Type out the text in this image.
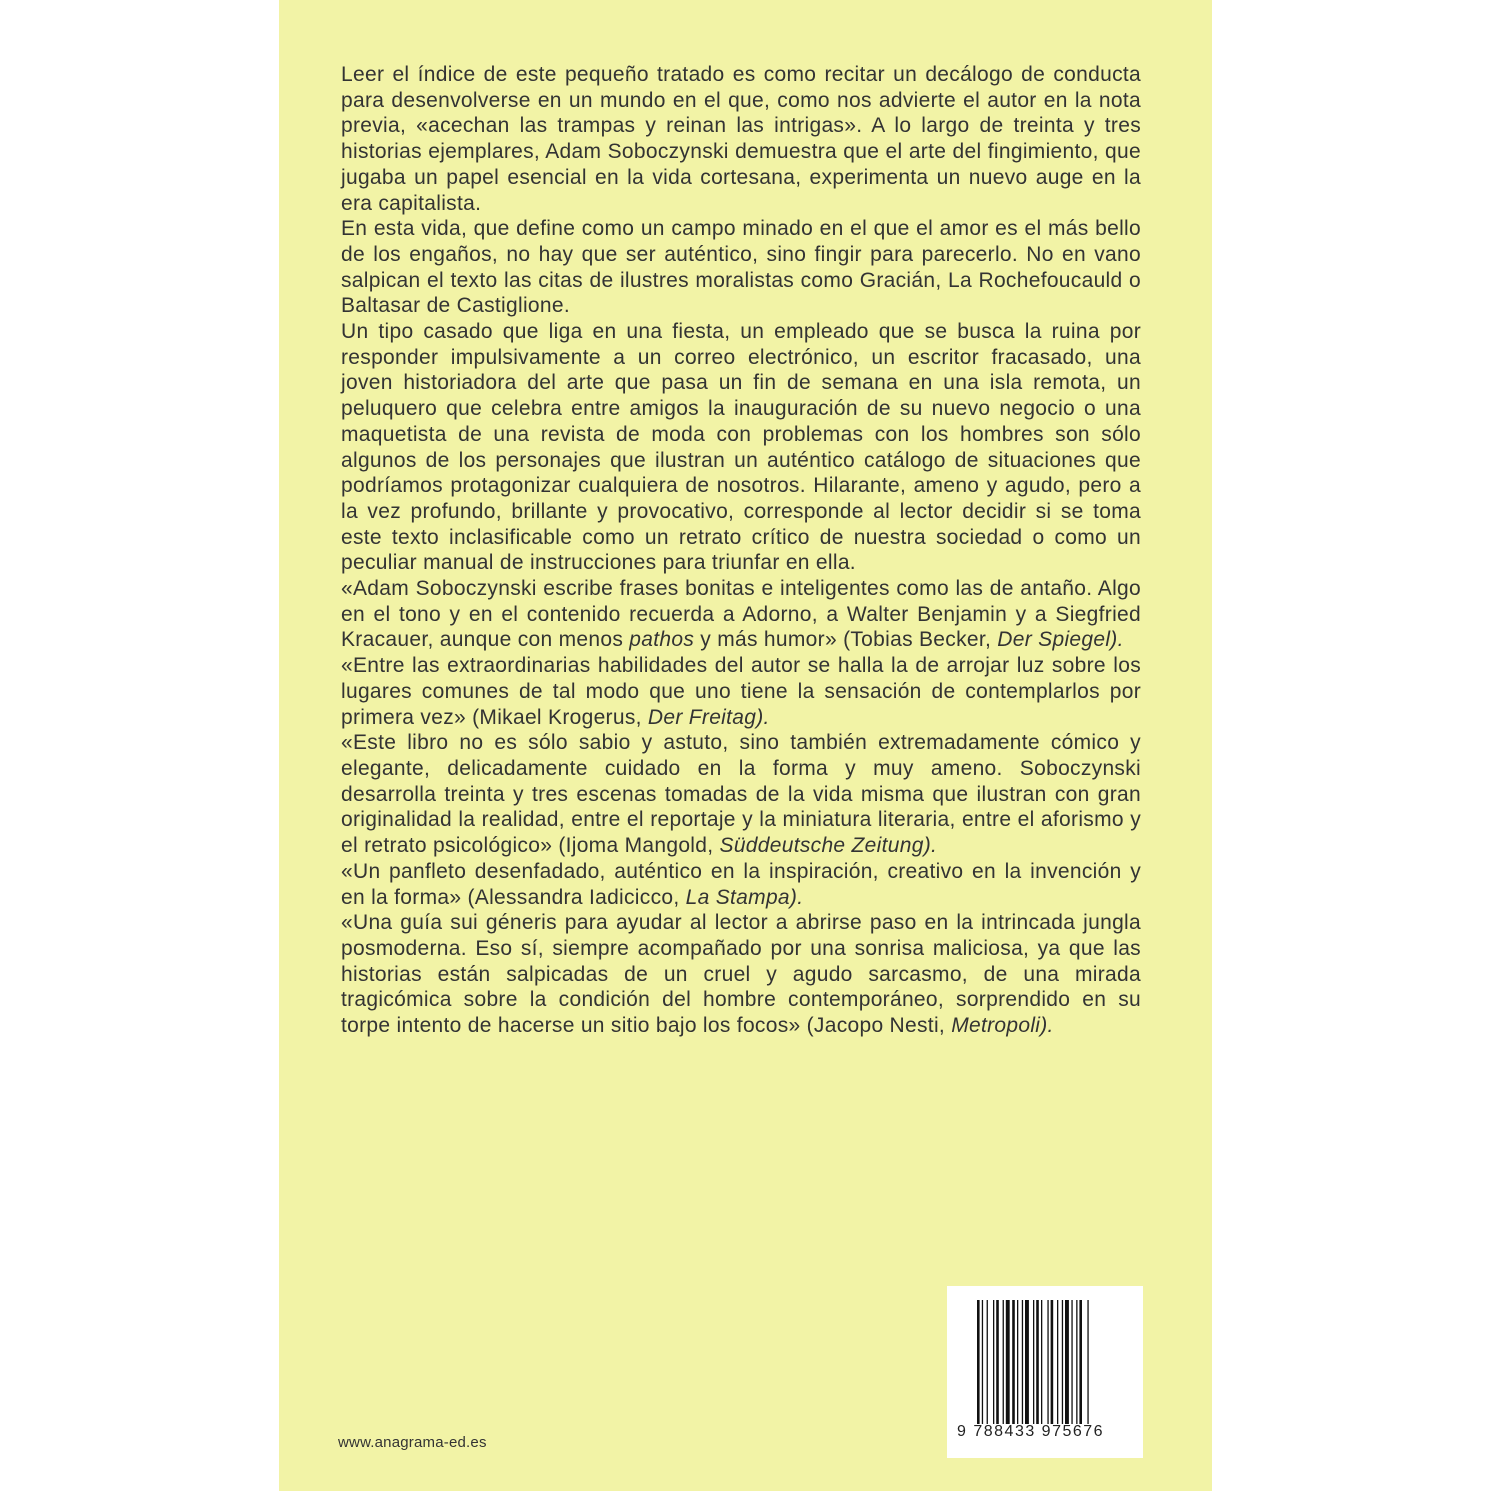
Leer el índice de este pequeño tratado es como recitar un decálogo de conducta para desenvolverse en un mundo en el que, como nos advierte el autor en la nota previa, «acechan las trampas y reinan las intrigas». A lo largo de treinta y tres historias ejemplares, Adam Soboczynski demuestra que el arte del fingimiento, que jugaba un papel esencial en la vida cortesana, experimenta un nuevo auge en la era capitalista.

En esta vida, que define como un campo minado en el que el amor es el más bello de los engaños, no hay que ser auténtico, sino fingir para parecerlo. No en vano salpican el texto las citas de ilustres moralistas como Gracián, La Rochefoucauld o Baltasar de Castiglione.

Un tipo casado que liga en una fiesta, un empleado que se busca la ruina por responder impulsivamente a un correo electrónico, un escritor fracasado, una joven historiadora del arte que pasa un fin de semana en una isla remota, un peluquero que celebra entre amigos la inauguración de su nuevo negocio o una maquetista de una revista de moda con problemas con los hombres son sólo algunos de los personajes que ilustran un auténtico catálogo de situaciones que podríamos protagonizar cualquiera de nosotros. Hilarante, ameno y agudo, pero a la vez profundo, brillante y provocativo, corresponde al lector decidir si se toma este texto inclasificable como un retrato crítico de nuestra sociedad o como un peculiar manual de instrucciones para triunfar en ella.

«Adam Soboczynski escribe frases bonitas e inteligentes como las de antaño. Algo en el tono y en el contenido recuerda a Adorno, a Walter Benjamin y a Siegfried Kracauer, aunque con menos pathos y más humor» (Tobias Becker, Der Spiegel).

«Entre las extraordinarias habilidades del autor se halla la de arrojar luz sobre los lugares comunes de tal modo que uno tiene la sensación de contemplarlos por primera vez» (Mikael Krogerus, Der Freitag).

«Este libro no es sólo sabio y astuto, sino también extremadamente cómico y elegante, delicadamente cuidado en la forma y muy ameno. Soboczynski desarrolla treinta y tres escenas tomadas de la vida misma que ilustran con gran originalidad la realidad, entre el reportaje y la miniatura literaria, entre el aforismo y el retrato psicológico» (Ijoma Mangold, Süddeutsche Zeitung).

«Un panfleto desenfadado, auténtico en la inspiración, creativo en la invención y en la forma» (Alessandra Iadicicco, La Stampa).

«Una guía sui géneris para ayudar al lector a abrirse paso en la intrincada jungla posmoderna. Eso sí, siempre acompañado por una sonrisa maliciosa, ya que las historias están salpicadas de un cruel y agudo sarcasmo, de una mirada tragicómica sobre la condición del hombre contemporáneo, sorprendido en su torpe intento de hacerse un sitio bajo los focos» (Jacopo Nesti, Metropoli).

www.anagrama-ed.es
9 788433 975676
